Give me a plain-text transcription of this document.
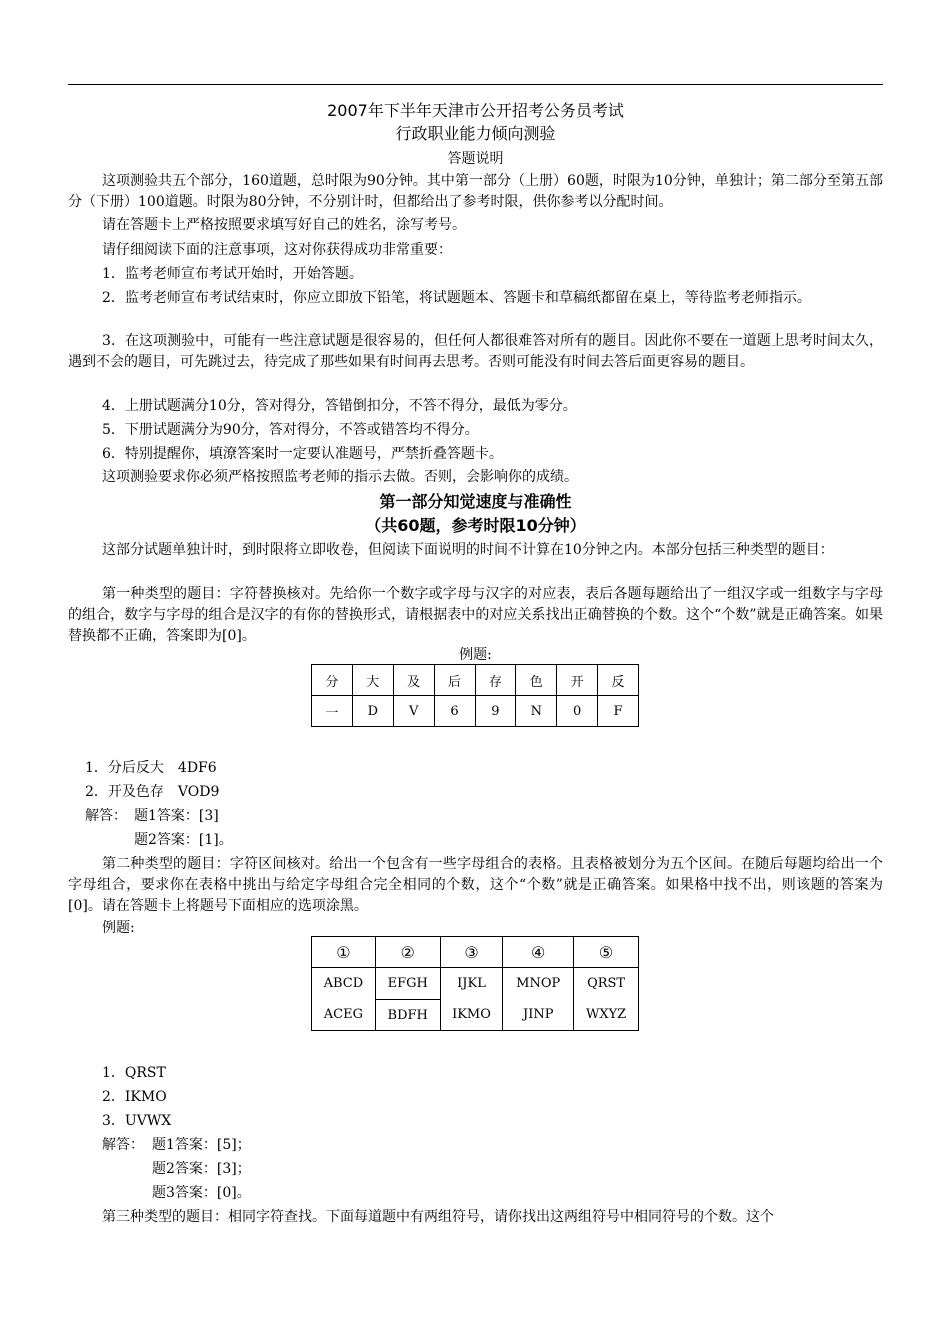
2007年下半年天津市公开招考公务员考试
行政职业能力倾向测验
答题说明
这项测验共五个部分，160道题，总时限为90分钟。其中第一部分（上册）60题，时限为10分钟，单独计；第二部分至第五部分（下册）100道题。时限为80分钟，不分别计时，但都给出了参考时限，供你参考以分配时间。
请在答题卡上严格按照要求填写好自己的姓名，涂写考号。
请仔细阅读下面的注意事项，这对你获得成功非常重要：
1．监考老师宣布考试开始时，开始答题。
2．监考老师宣布考试结束时，你应立即放下铅笔，将试题题本、答题卡和草稿纸都留在桌上，等待监考老师指示。
3．在这项测验中，可能有一些注意试题是很容易的，但任何人都很难答对所有的题目。因此你不要在一道题上思考时间太久，遇到不会的题目，可先跳过去，待完成了那些如果有时间再去思考。否则可能没有时间去答后面更容易的题目。
4．上册试题满分10分，答对得分，答错倒扣分，不答不得分，最低为零分。
5．下册试题满分为90分，答对得分，不答或错答均不得分。
6．特别提醒你，填潦答案时一定要认准题号，严禁折叠答题卡。
这项测验要求你必须严格按照监考老师的指示去做。否则，会影响你的成绩。
第一部分知觉速度与准确性
（共60题，参考时限10分钟）
这部分试题单独计时，到时限将立即收卷，但阅读下面说明的时间不计算在10分钟之内。本部分包括三种类型的题目：
第一种类型的题目：字符替换核对。先给你一个数字或字母与汉字的对应表，表后各题每题给出了一组汉字或一组数字与字母的组合，数字与字母的组合是汉字的有你的替换形式，请根据表中的对应关系找出正确替换的个数。这个“个数”就是正确答案。如果替换都不正确，答案即为[0]。
例题:
分	大	及	后	存	色	开	反
一	D	V	6	9	N	0	F
1．分后反大　4DF6
2．开及色存　VOD9
解答： 题1答案：[3]
题2答案：[1]。
第二种类型的题目：字符区间核对。给出一个包含有一些字母组合的表格。且表格被划分为五个区间。在随后每题均给出一个字母组合，要求你在表格中挑出与给定字母组合完全相同的个数，这个“个数”就是正确答案。如果格中找不出，则该题的答案为[0]。请在答题卡上将题号下面相应的选项涂黑。
例题:
①	②	③	④	⑤
ABCD	EFGH	IJKL	MNOP	QRST
ACEG	BDFH	IKMO	JINP	WXYZ
1．QRST
2．IKMO
3．UVWX
解答： 题1答案：[5]；
题2答案：[3]；
题3答案：[0]。
第三种类型的题目：相同字符查找。下面每道题中有两组符号，请你找出这两组符号中相同符号的个数。这个
